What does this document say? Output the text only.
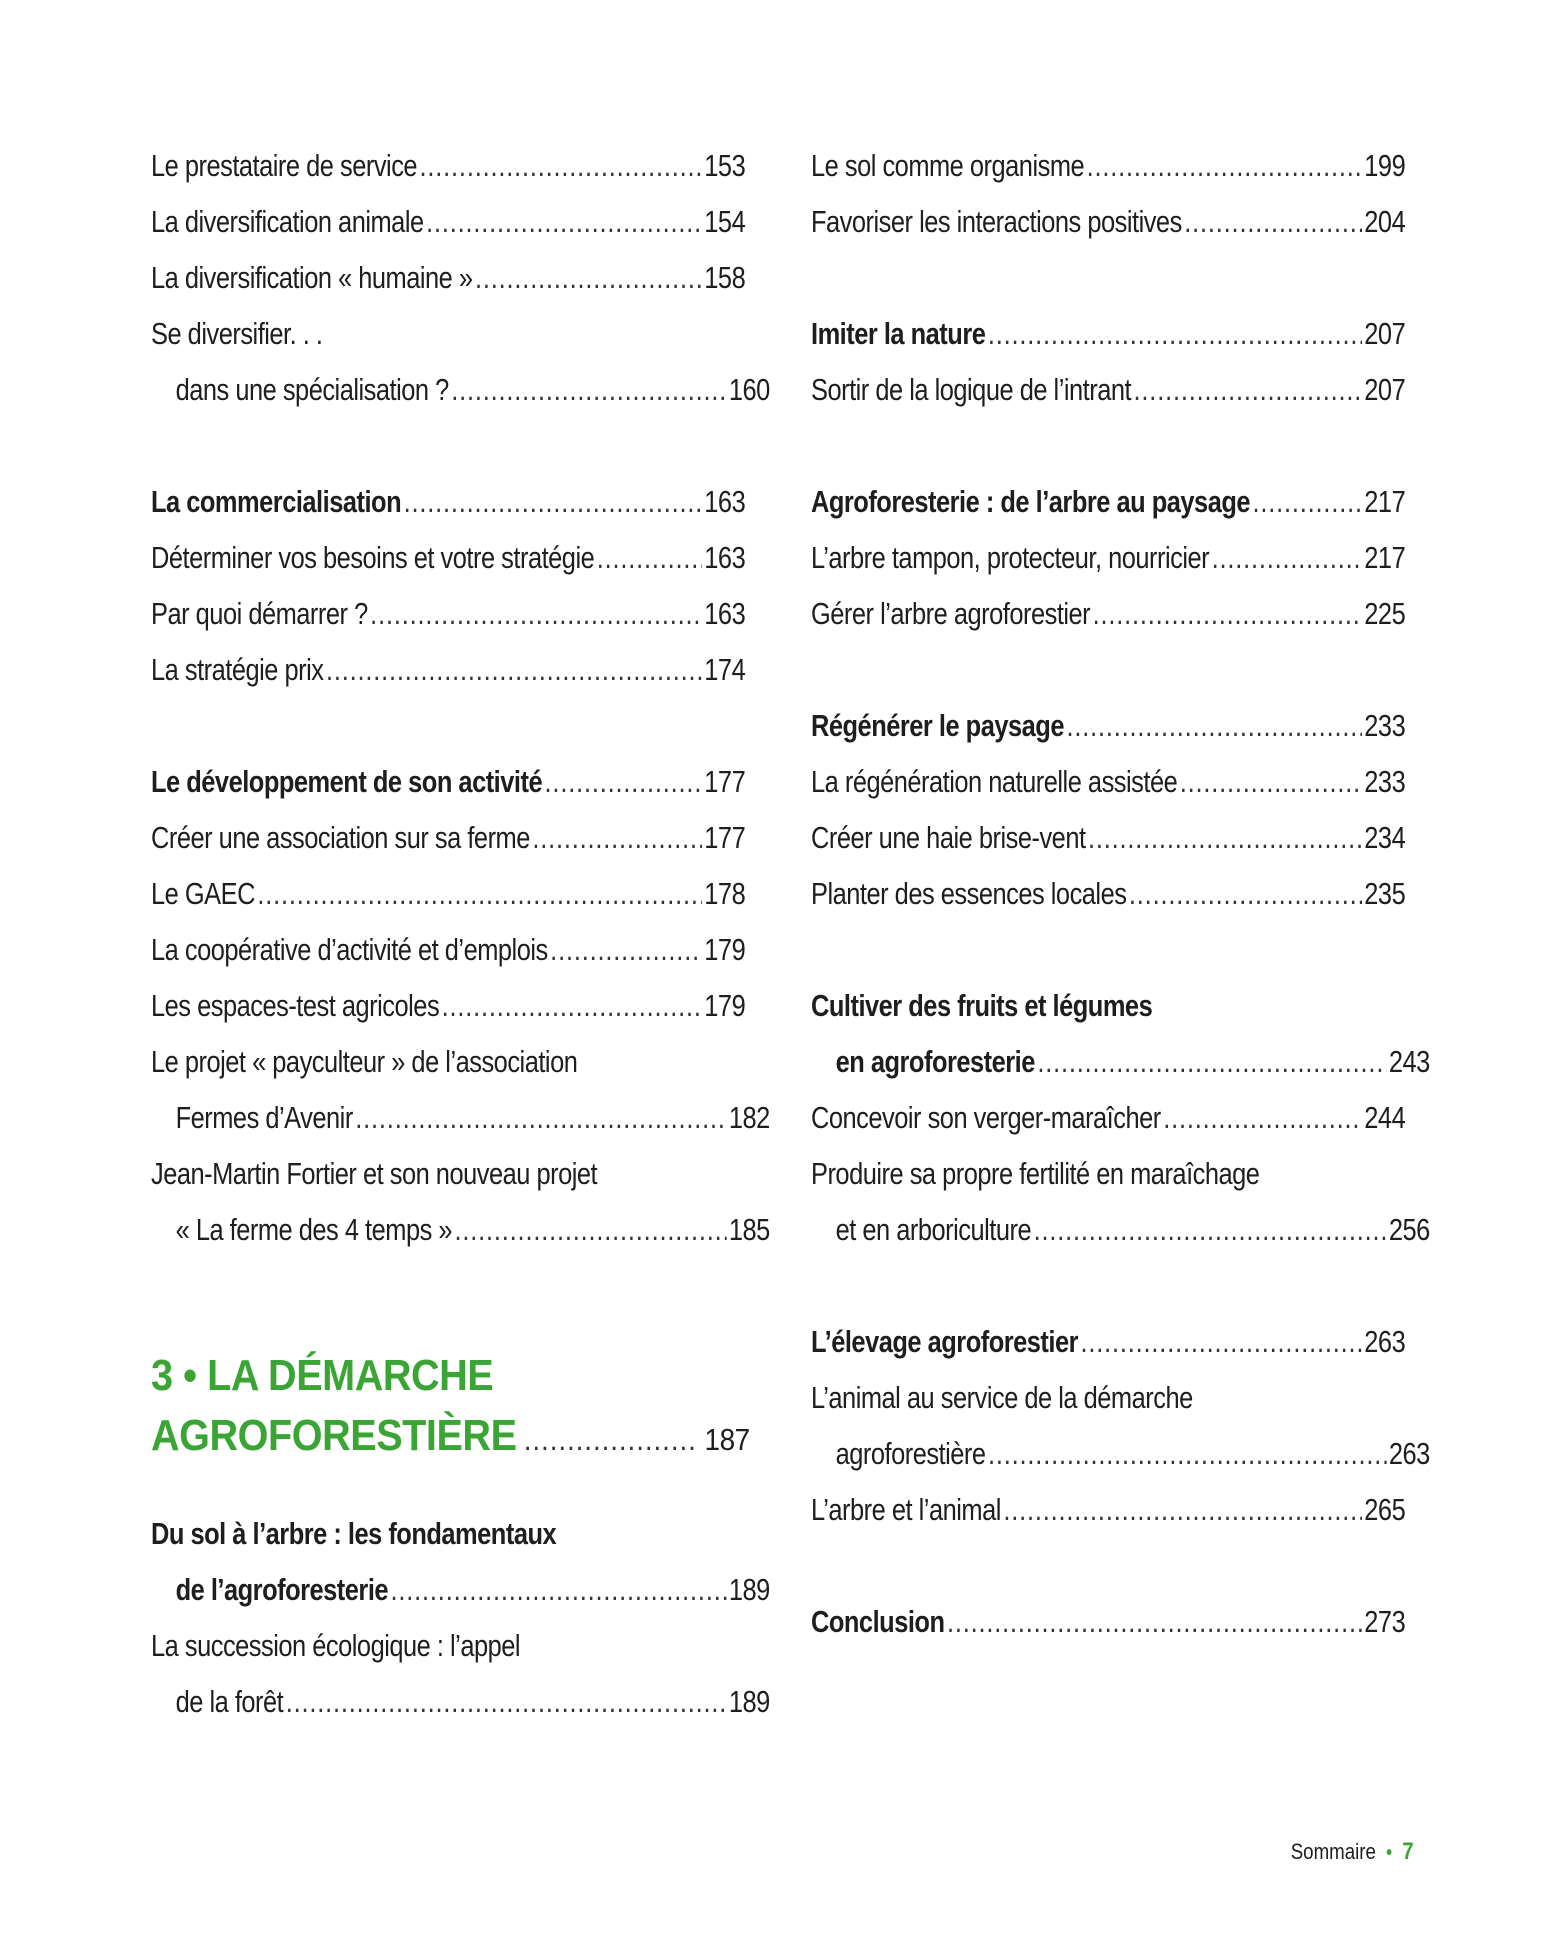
Le prestataire de service .....	153
La diversification animale .....	154
La diversification « humaine » .....	158
Se diversifier. . .
dans une spécialisation ? .....	160
La commercialisation .....	163
Déterminer vos besoins et votre stratégie .....	163
Par quoi démarrer ? .....	163
La stratégie prix .....	174
Le développement de son activité .....	177
Créer une association sur sa ferme .....	177
Le GAEC .....	178
La coopérative d’activité et d’emplois .....	179
Les espaces-test agricoles .....	179
Le projet « payculteur » de l’association
Fermes d’Avenir .....	182
Jean-Martin Fortier et son nouveau projet
« La ferme des 4 temps » .....	185
3 • LA DÉMARCHE
AGROFORESTIÈRE .....	187
Du sol à l’arbre : les fondamentaux
de l’agroforesterie .....	189
La succession écologique : l’appel
de la forêt .....	189
Le sol comme organisme .....	199
Favoriser les interactions positives .....	204
Imiter la nature .....	207
Sortir de la logique de l’intrant .....	207
Agroforesterie : de l’arbre au paysage .....	217
L’arbre tampon, protecteur, nourricier .....	217
Gérer l’arbre agroforestier .....	225
Régénérer le paysage .....	233
La régénération naturelle assistée .....	233
Créer une haie brise-vent .....	234
Planter des essences locales .....	235
Cultiver des fruits et légumes
en agroforesterie .....	243
Concevoir son verger-maraîcher .....	244
Produire sa propre fertilité en maraîchage
et en arboriculture .....	256
L’élevage agroforestier .....	263
L’animal au service de la démarche
agroforestière .....	263
L’arbre et l’animal .....	265
Conclusion .....	273
Sommaire • 7
